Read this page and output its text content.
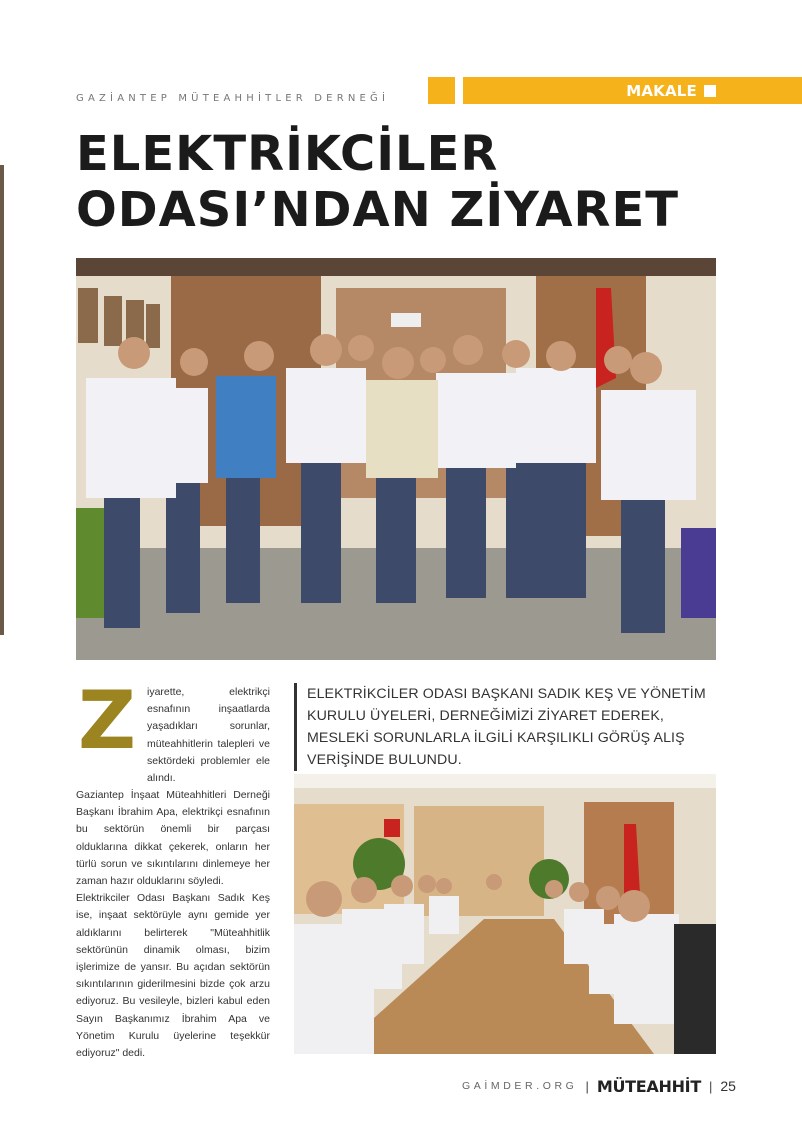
GAZİANTEP MÜTEAHHİTLER DERNEĞİ	MAKALE
ELEKTRİKCİLER
ODASI’NDAN ZİYARET
Z iyarette, elektrikçi esnafının inşaatlarda yaşadıkları sorunlar, müteahhitlerin talepleri ve sektördeki problemler ele alındı.

Gaziantep İnşaat Müteahhitleri Derneği Başkanı İbrahim Apa, elektrikçi esnafının bu sektörün önemli bir parçası olduklarına dikkat çekerek, onların her türlü sorun ve sıkıntılarını dinlemeye her zaman hazır olduklarını söyledi.

Elektrikciler Odası Başkanı Sadık Keş ise, inşaat sektörüyle aynı gemide yer aldıklarını belirterek "Müteahhitlik sektörünün dinamik olması, bizim işlerimize de yansır. Bu açıdan sektörün sıkıntılarının giderilmesini bizde çok arzu ediyoruz. Bu vesileyle, bizleri kabul eden Sayın Başkanımız İbrahim Apa ve Yönetim Kurulu üyelerine teşekkür ediyoruz" dedi.

ELEKTRİKCİLER ODASI BAŞKANI SADIK KEŞ VE YÖNETİM KURULU ÜYELERİ, DERNEĞİMİZİ ZİYARET EDEREK, MESLEKİ SORUNLARLA İLGİLİ KARŞILIKLI GÖRÜŞ ALIŞ VERİŞİNDE BULUNDU.
GAİMDER.ORG | MÜTEAHHİT | 25
